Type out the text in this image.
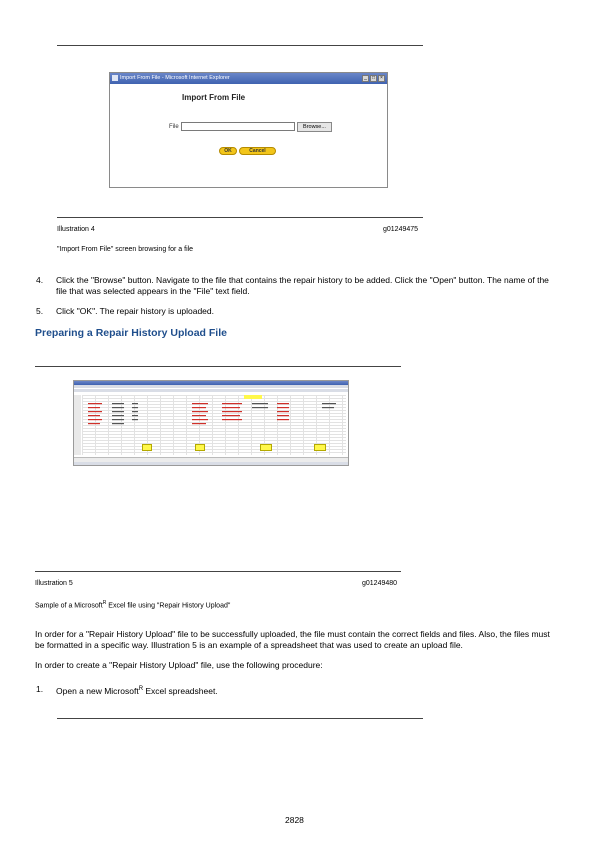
Import From File - Microsoft Internet Explorer	_	□	×
Import From File
File	Browse...
OK	Cancel
Illustration 4	g01249475
"Import From File" screen browsing for a file
4. Click the "Browse" button. Navigate to the file that contains the repair history to be added. Click the "Open" button. The name of the file that was selected appears in the "File" text field.
5. Click "OK". The repair history is uploaded.
Preparing a Repair History Upload File
Illustration 5	g01249480
Sample of a Microsoft$^R$ Excel file using "Repair History Upload"
In order for a "Repair History Upload" file to be successfully uploaded, the file must contain the correct fields and files. Also, the files must be formatted in a specific way. Illustration 5 is an example of a spreadsheet that was used to create an upload file.
In order to create a "Repair History Upload" file, use the following procedure:
1. Open a new Microsoft$^R$ Excel spreadsheet.
2828
